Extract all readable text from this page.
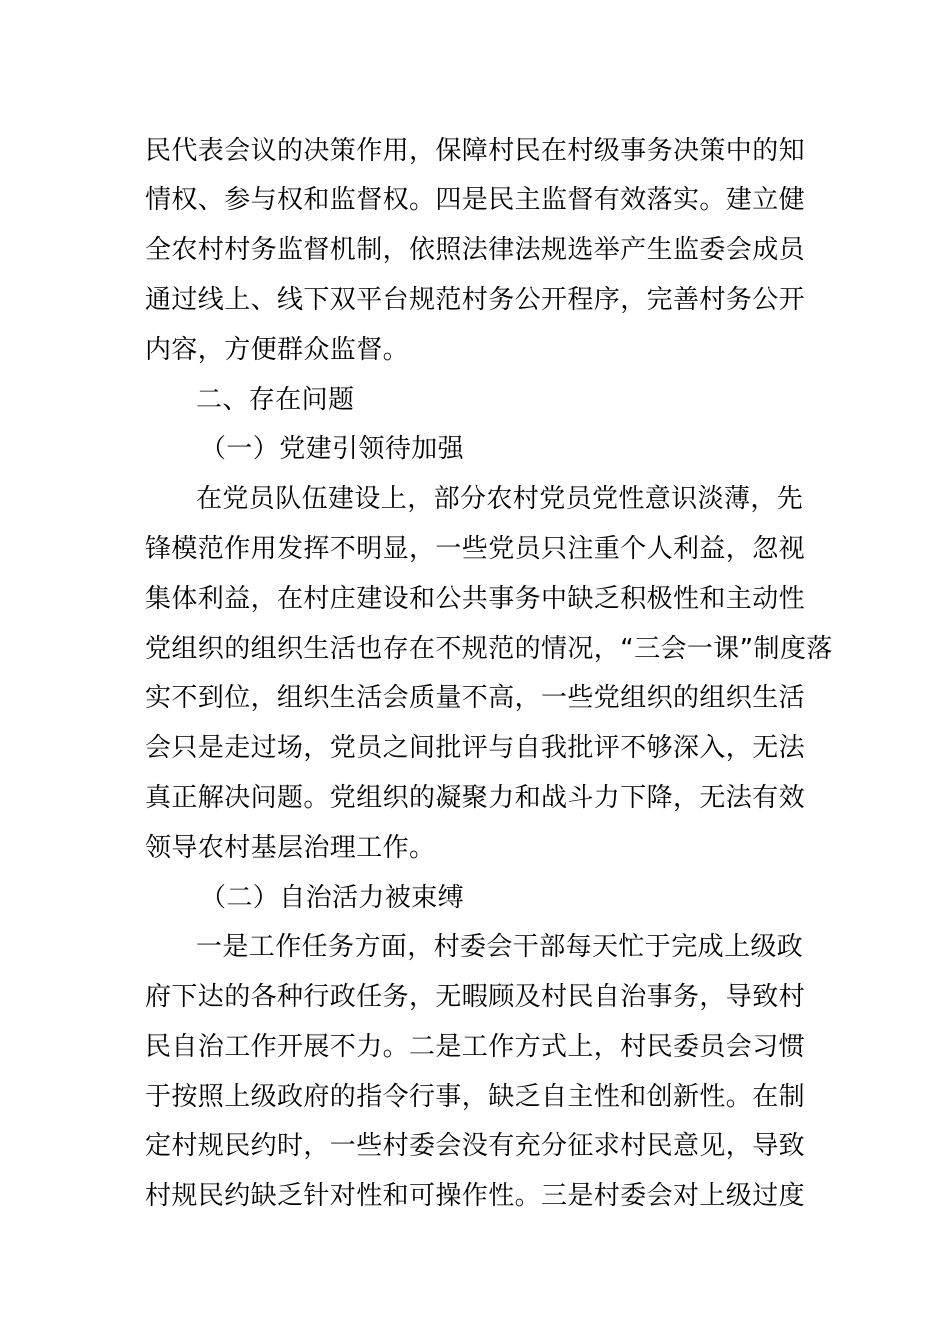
民代表会议的决策作用，保障村民在村级事务决策中的知
情权、参与权和监督权。四是民主监督有效落实。建立健
全农村村务监督机制，依照法律法规选举产生监委会成员
通过线上、线下双平台规范村务公开程序，完善村务公开
内容，方便群众监督。
二、存在问题
（一）党建引领待加强
在党员队伍建设上，部分农村党员党性意识淡薄，先
锋模范作用发挥不明显，一些党员只注重个人利益，忽视
集体利益，在村庄建设和公共事务中缺乏积极性和主动性
党组织的组织生活也存在不规范的情况，“三会一课”制度落
实不到位，组织生活会质量不高，一些党组织的组织生活
会只是走过场，党员之间批评与自我批评不够深入，无法
真正解决问题。党组织的凝聚力和战斗力下降，无法有效
领导农村基层治理工作。
（二）自治活力被束缚
一是工作任务方面，村委会干部每天忙于完成上级政
府下达的各种行政任务，无暇顾及村民自治事务，导致村
民自治工作开展不力。二是工作方式上，村民委员会习惯
于按照上级政府的指令行事，缺乏自主性和创新性。在制
定村规民约时，一些村委会没有充分征求村民意见，导致
村规民约缺乏针对性和可操作性。三是村委会对上级过度
